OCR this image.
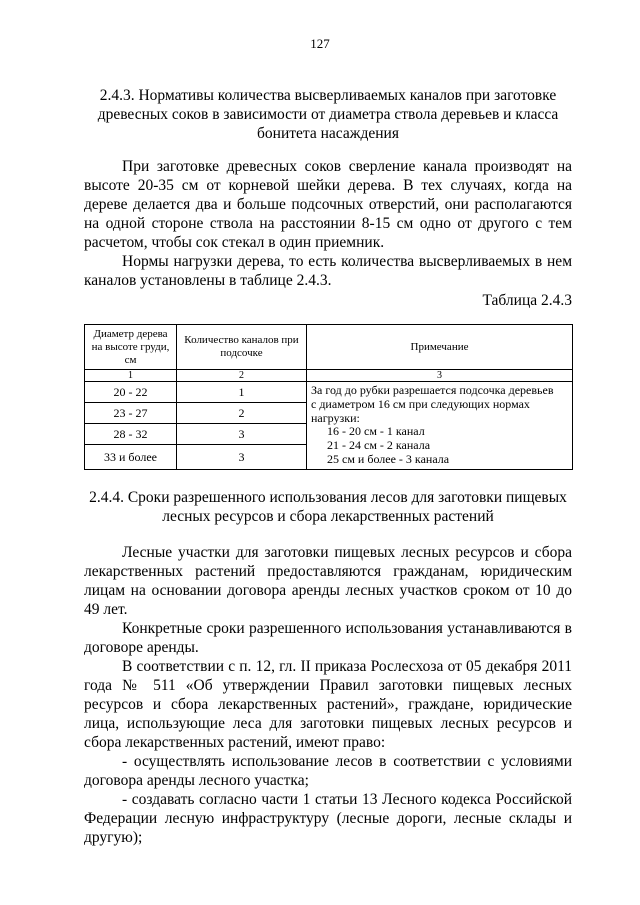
127
2.4.3. Нормативы количества высверливаемых каналов при заготовке древесных соков в зависимости от диаметра ствола деревьев и класса бонитета насаждения

При заготовке древесных соков сверление канала производят на высоте 20-35 см от корневой шейки дерева. В тех случаях, когда на дереве делается два и больше подсочных отверстий, они располагаются на одной стороне ствола на расстоянии 8-15 см одно от другого с тем расчетом, чтобы сок стекал в один приемник.

Нормы нагрузки дерева, то есть количества высверливаемых в нем каналов установлены в таблице 2.4.3.

Таблица 2.4.3
Диаметр дерева на высоте груди, см	Количество каналов при подсочке	Примечание
1	2	3
20 - 22	1	За год до рубки разрешается подсочка деревьев
с диаметром 16 см при следующих нормах нагрузки:
16 - 20 см - 1 канал
21 - 24 см - 2 канала
25 см и более - 3 канала

23 - 27	2	
28 - 32	3	
33 и более	3	
2.4.4. Сроки разрешенного использования лесов для заготовки пищевых лесных ресурсов и сбора лекарственных растений

Лесные участки для заготовки пищевых лесных ресурсов и сбора лекарственных растений предоставляются гражданам, юридическим лицам на основании договора аренды лесных участков сроком от 10 до 49 лет.

Конкретные сроки разрешенного использования устанавливаются в договоре аренды.

В соответствии с п. 12, гл. II приказа Рослесхоза от 05 декабря 2011 года № 511 «Об утверждении Правил заготовки пищевых лесных ресурсов и сбора лекарственных растений», граждане, юридические лица, использующие леса для заготовки пищевых лесных ресурсов и сбора лекарственных растений, имеют право:

- осуществлять использование лесов в соответствии с условиями договора аренды лесного участка;

- создавать согласно части 1 статьи 13 Лесного кодекса Российской Федерации лесную инфраструктуру (лесные дороги, лесные склады и другую);
